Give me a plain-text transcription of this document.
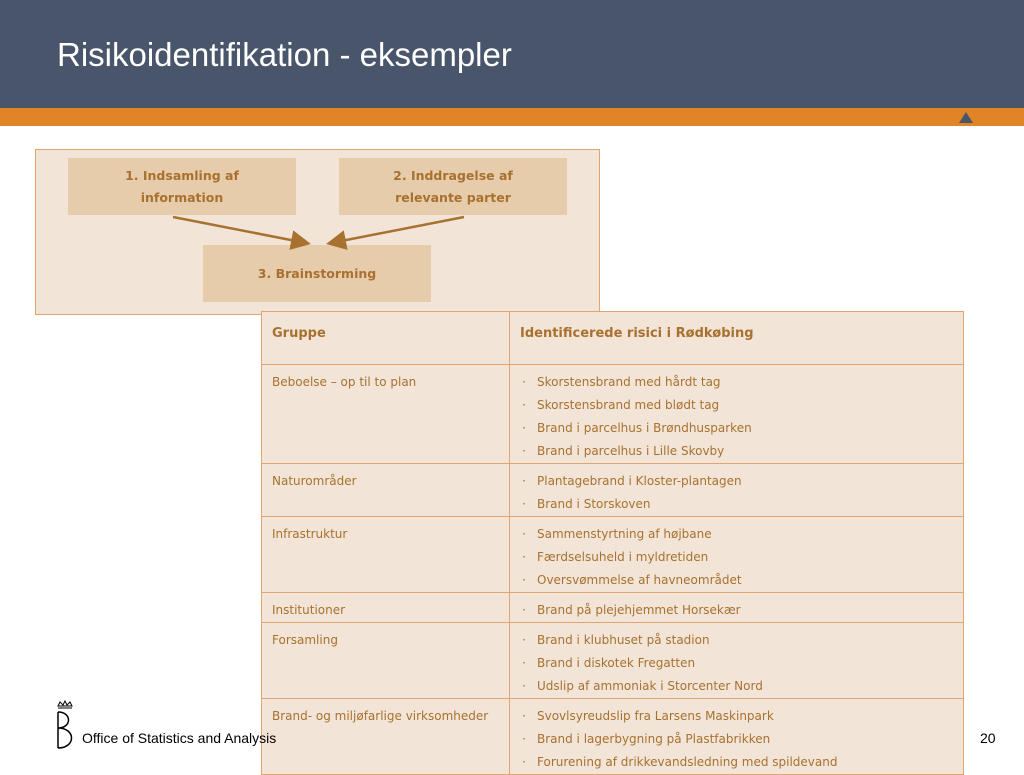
Risikoidentifikation - eksempler
1. Indsamling af
information
2. Inddragelse af
relevante parter
3. Brainstorming
Gruppe	Identificerede risici i Rødkøbing
Beboelse – op til to plan	· Skorstensbrand med hårdt tag
· Skorstensbrand med blødt tag
· Brand i parcelhus i Brøndhusparken
· Brand i parcelhus i Lille Skovby

Naturområder	· Plantagebrand i Kloster-plantagen
· Brand i Storskoven

Infrastruktur	· Sammenstyrtning af højbane
· Færdselsuheld i myldretiden
· Oversvømmelse af havneområdet

Institutioner	· Brand på plejehjemmet Horsekær

Forsamling	· Brand i klubhuset på stadion
· Brand i diskotek Fregatten
· Udslip af ammoniak i Storcenter Nord

Brand- og miljøfarlige virksomheder	· Svovlsyreudslip fra Larsens Maskinpark
· Brand i lagerbygning på Plastfabrikken
· Forurening af drikkevandsledning med spildevand
Office of Statistics and Analysis	20
